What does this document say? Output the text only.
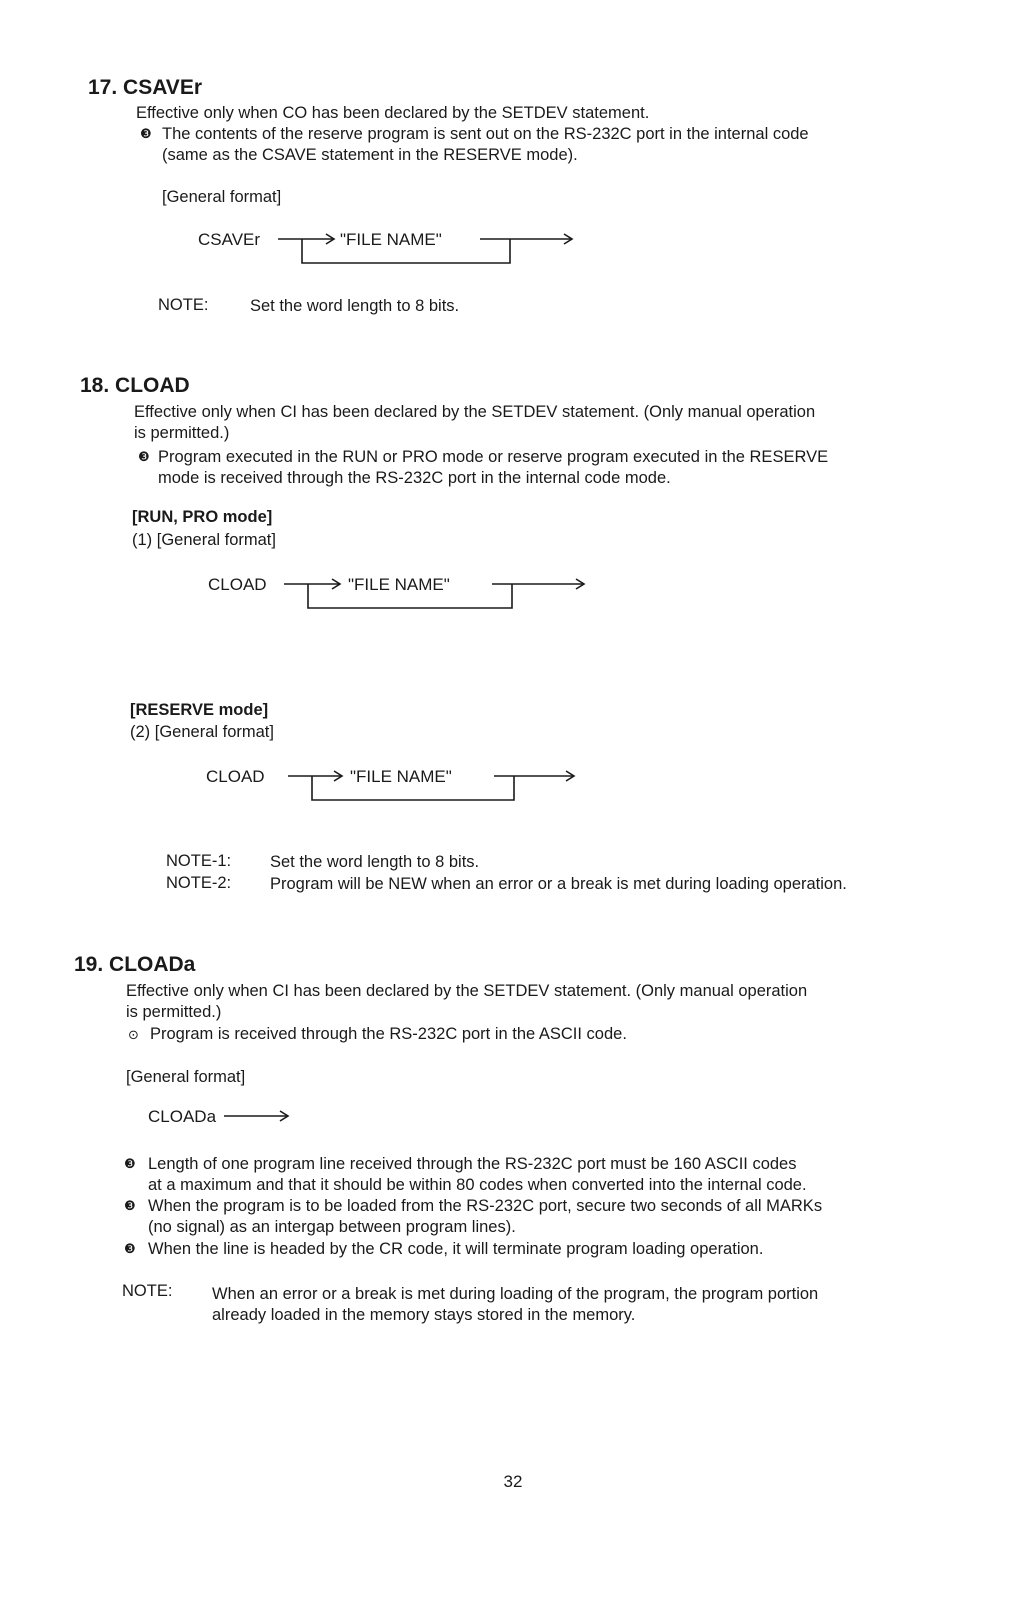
17. CSAVEr
Effective only when CO has been declared by the SETDEV statement.
❸ The contents of the reserve program is sent out on the RS-232C port in the internal code
(same as the CSAVE statement in the RESERVE mode).
[General format]
CSAVEr	"FILE NAME"
NOTE:	Set the word length to 8 bits.
18. CLOAD
Effective only when CI has been declared by the SETDEV statement. (Only manual operation
is permitted.)
❸ Program executed in the RUN or PRO mode or reserve program executed in the RESERVE
mode is received through the RS-232C port in the internal code mode.
[RUN, PRO mode]
(1) [General format]
CLOAD	"FILE NAME"
[RESERVE mode]
(2) [General format]
CLOAD	"FILE NAME"
NOTE-1: Set the word length to 8 bits.
NOTE-2: Program will be NEW when an error or a break is met during loading operation.
19. CLOADa
Effective only when CI has been declared by the SETDEV statement. (Only manual operation
is permitted.)
⊙ Program is received through the RS-232C port in the ASCII code.
[General format]
CLOADa
❸ Length of one program line received through the RS-232C port must be 160 ASCII codes
at a maximum and that it should be within 80 codes when converted into the internal code.
❸ When the program is to be loaded from the RS-232C port, secure two seconds of all MARKs
(no signal) as an intergap between program lines).
❸ When the line is headed by the CR code, it will terminate program loading operation.
NOTE: When an error or a break is met during loading of the program, the program portion
already loaded in the memory stays stored in the memory.
32
